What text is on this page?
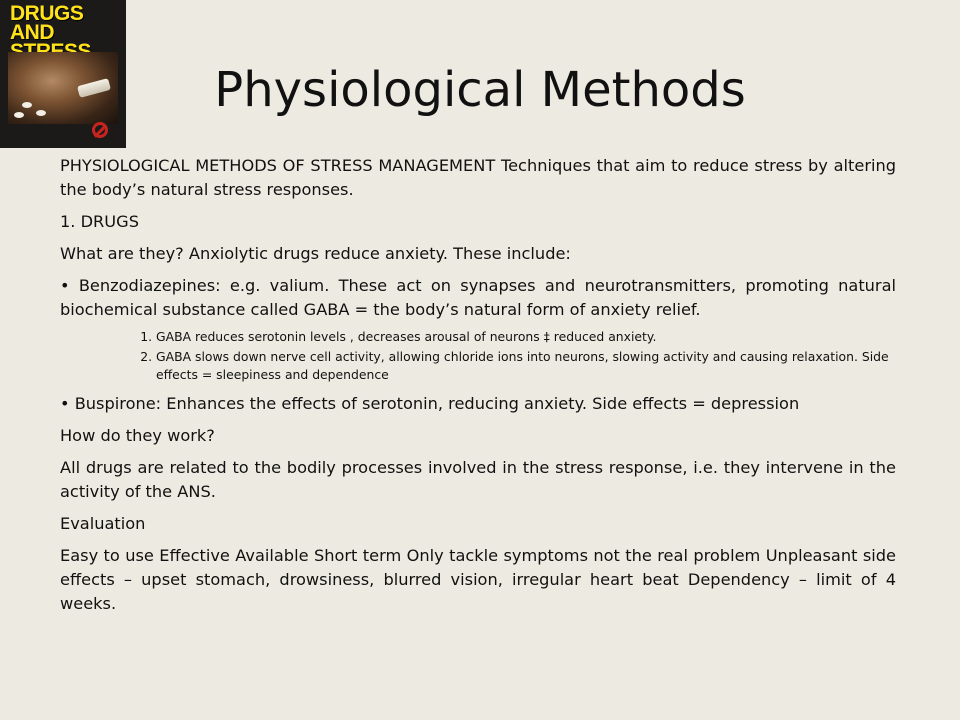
DRUGS AND

Physiological Methods

PHYSIOLOGICAL METHODS OF STRESS MANAGEMENT Techniques that aim to reduce stress by altering the body’s natural stress responses.

1. DRUGS

What are they? Anxiolytic drugs reduce anxiety. These include:

• Benzodiazepines: e.g. valium. These act on synapses and neurotransmitters, promoting natural biochemical substance called GABA = the body’s natural form of anxiety relief.

1. GABA reduces serotonin levels , decreases arousal of neurons ‡ reduced anxiety.
2. GABA slows down nerve cell activity, allowing chloride ions into neurons, slowing activity and causing relaxation. Side effects = sleepiness and dependence

• Buspirone: Enhances the effects of serotonin, reducing anxiety. Side effects = depression

How do they work?

All drugs are related to the bodily processes involved in the stress response, i.e. they intervene in the activity of the ANS.

Evaluation

Easy to use Effective Available Short term Only tackle symptoms not the real problem Unpleasant side effects – upset stomach, drowsiness, blurred vision, irregular heart beat Dependency – limit of 4 weeks.
